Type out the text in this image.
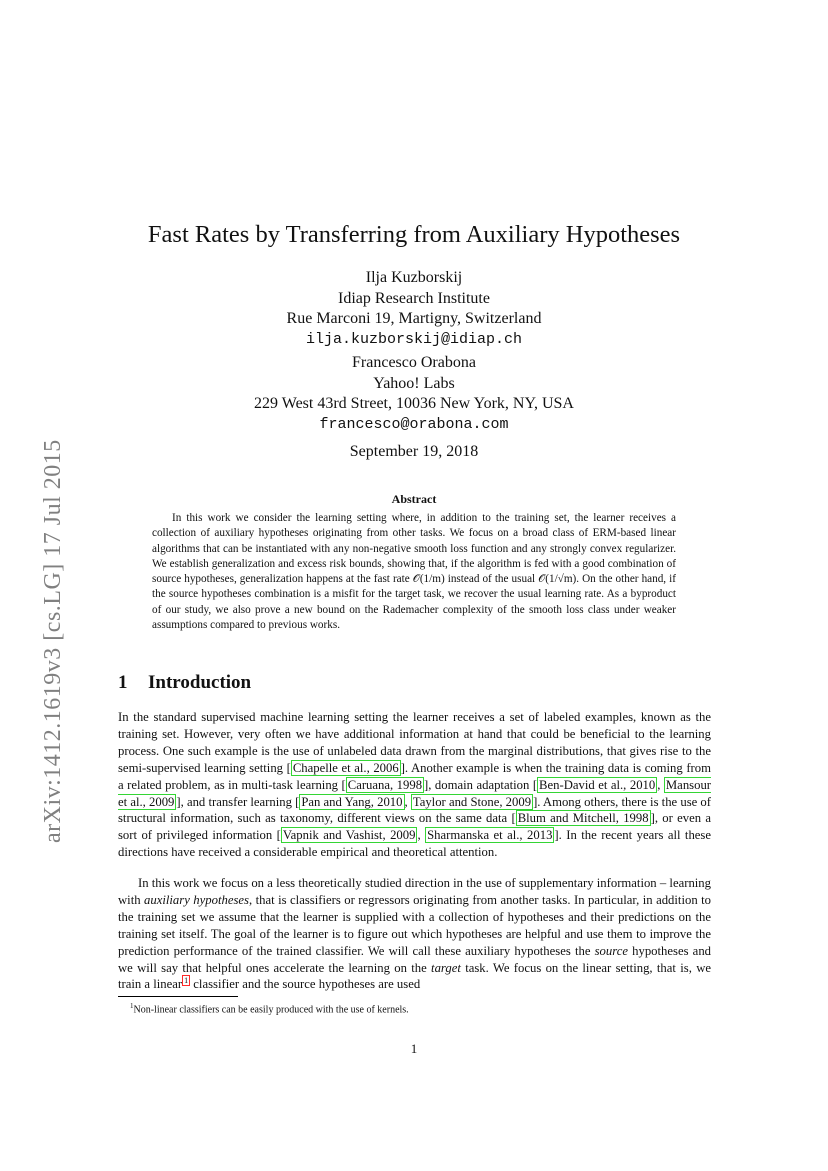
arXiv:1412.1619v3 [cs.LG] 17 Jul 2015
Fast Rates by Transferring from Auxiliary Hypotheses
Ilja Kuzborskij
Idiap Research Institute
Rue Marconi 19, Martigny, Switzerland
ilja.kuzborskij@idiap.ch
Francesco Orabona
Yahoo! Labs
229 West 43rd Street, 10036 New York, NY, USA
francesco@orabona.com
September 19, 2018
Abstract

In this work we consider the learning setting where, in addition to the training set, the learner receives a collection of auxiliary hypotheses originating from other tasks. We focus on a broad class of ERM-based linear algorithms that can be instantiated with any non-negative smooth loss function and any strongly convex regularizer. We establish generalization and excess risk bounds, showing that, if the algorithm is fed with a good combination of source hypotheses, generalization happens at the fast rate 𝒪(1/m) instead of the usual 𝒪(1/√m). On the other hand, if the source hypotheses combination is a misfit for the target task, we recover the usual learning rate. As a byproduct of our study, we also prove a new bound on the Rademacher complexity of the smooth loss class under weaker assumptions compared to previous works.

1 Introduction

In the standard supervised machine learning setting the learner receives a set of labeled examples, known as the training set. However, very often we have additional information at hand that could be beneficial to the learning process. One such example is the use of unlabeled data drawn from the marginal distributions, that gives rise to the semi-supervised learning setting [ Chapelle et al., 2006 ]. Another example is when the training data is coming from a related problem, as in multi-task learning [ Caruana, 1998 ], domain adaptation [ Ben-David et al., 2010 , Mansour et al., 2009 ], and transfer learning [ Pan and Yang, 2010 , Taylor and Stone, 2009 ]. Among others, there is the use of structural information, such as taxonomy, different views on the same data [ Blum and Mitchell, 1998 ], or even a sort of privileged information [ Vapnik and Vashist, 2009 , Sharmanska et al., 2013 ]. In the recent years all these directions have received a considerable empirical and theoretical attention.

In this work we focus on a less theoretically studied direction in the use of supplementary information – learning with auxiliary hypotheses, that is classifiers or regressors originating from another tasks. In particular, in addition to the training set we assume that the learner is supplied with a collection of hypotheses and their predictions on the training set itself. The goal of the learner is to figure out which hypotheses are helpful and use them to improve the prediction performance of the trained classifier. We will call these auxiliary hypotheses the source hypotheses and we will say that helpful ones accelerate the learning on the target task. We focus on the linear setting, that is, we train a linear $^1$ classifier and the source hypotheses are used

$^1$Non-linear classifiers can be easily produced with the use of kernels.
1
